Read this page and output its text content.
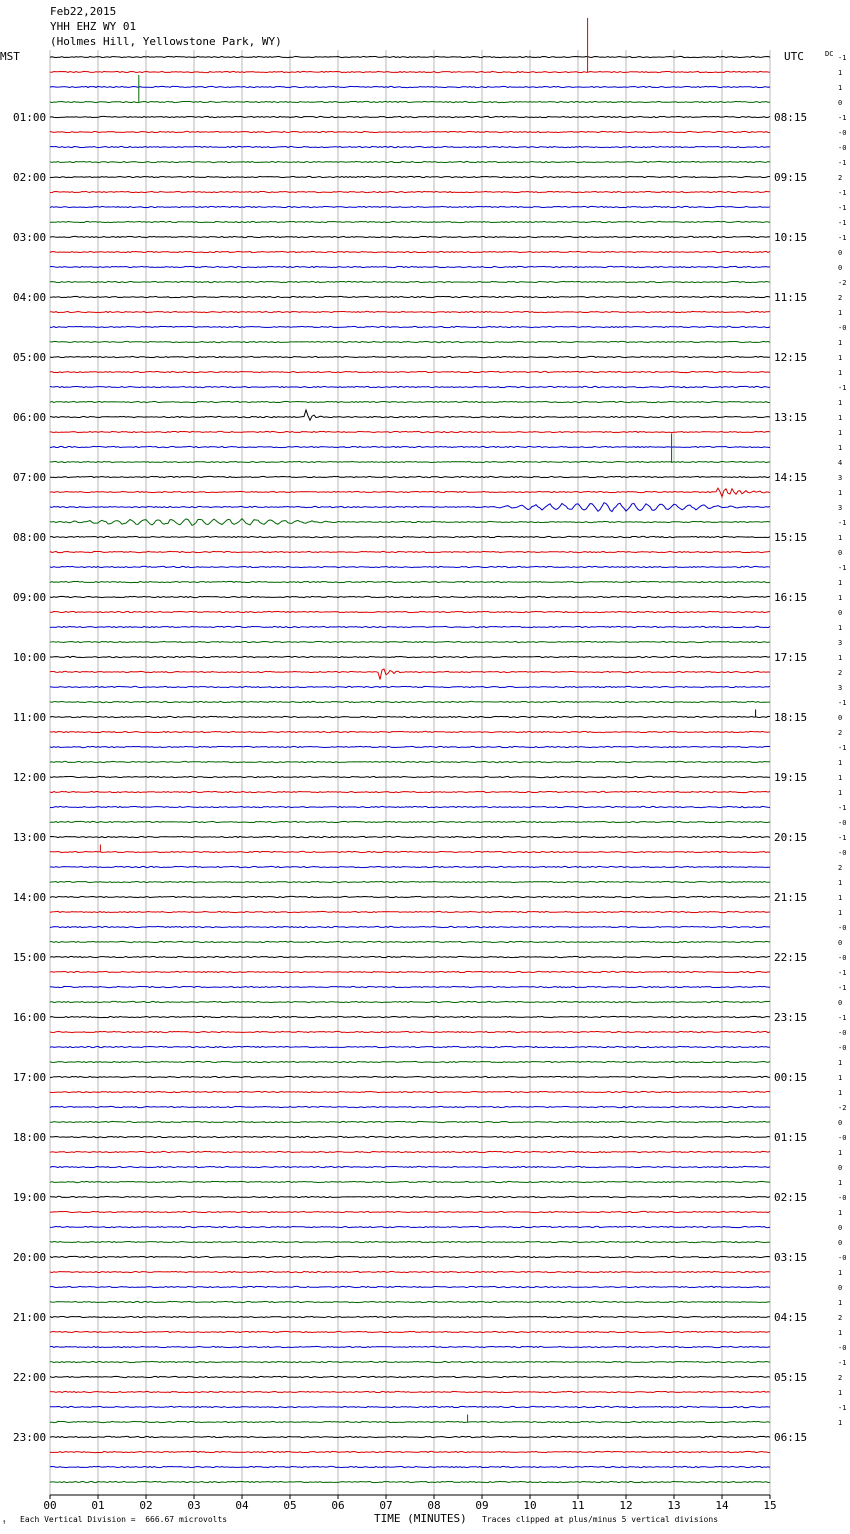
01:00
02:00
03:00
04:00
05:00
06:00
07:00
08:00
09:00
10:00
11:00
12:00
13:00
14:00
15:00
16:00
17:00
18:00
19:00
20:00
21:00
22:00
23:00
08:15
09:15
10:15
11:15
12:15
13:15
14:15
15:15
16:15
17:15
18:15
19:15
20:15
21:15
22:15
23:15
00:15
01:15
02:15
03:15
04:15
05:15
06:15
-1
1
1
0
-1
-0
-0
-1
2
-1
-1
-1
-1
0
0
-2
2
1
-0
1
1
1
-1
1
1
1
1
4
3
1
3
-1
1
0
-1
1
1
0
1
3
1
2
3
-1
0
2
-1
1
1
1
-1
-0
-1
-0
2
1
1
1
-0
0
-0
-1
-1
0
-1
-0
-0
1
1
1
-2
0
-0
1
0
1
-0
1
0
0
-0
1
0
1
2
1
-0
-1
2
1
-1
1
00	01	02	03	04	05	06	07	08	09	10	11	12	13	14	15
MST	UTC	DC
Feb22,2015
YHH EHZ WY 01
(Holmes Hill, Yellowstone Park, WY)
↑ Each Vertical Division =  666.67 microvolts	TIME (MINUTES) Traces clipped at plus/minus 5 vertical divisions
